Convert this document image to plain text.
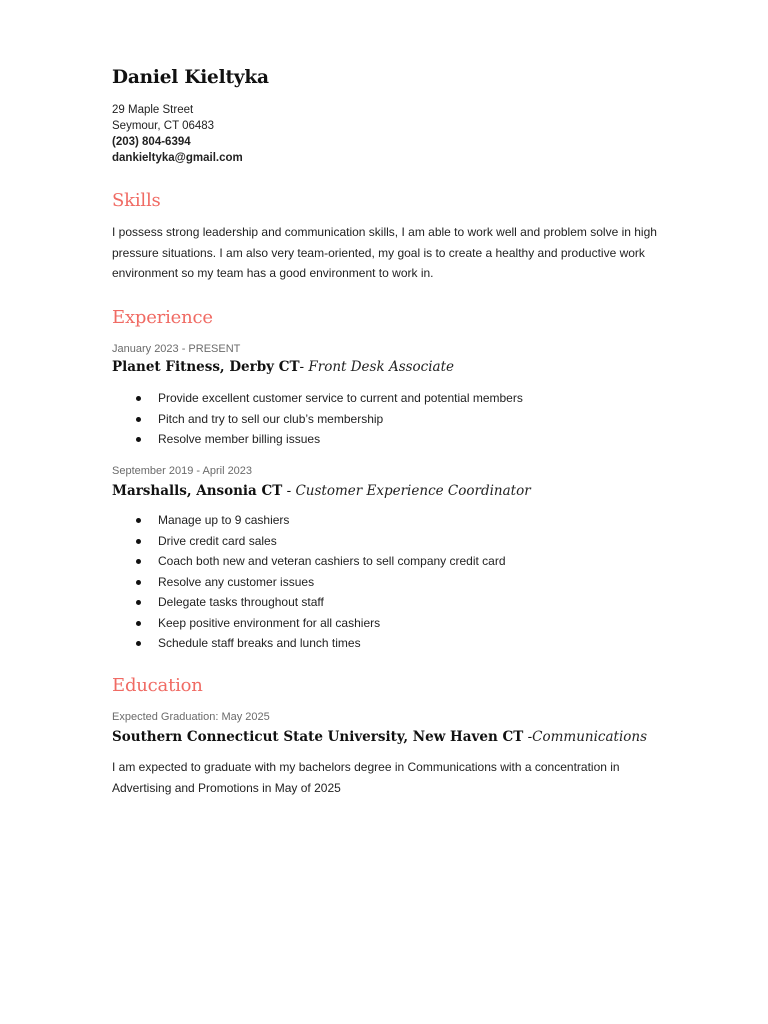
Daniel Kieltyka
29 Maple Street
Seymour, CT 06483
(203) 804-6394
dankieltyka@gmail.com
Skills
I possess strong leadership and communication skills, I am able to work well and problem solve in high pressure situations. I am also very team-oriented, my goal is to create a healthy and productive work environment so my team has a good environment to work in.
Experience
January 2023 - PRESENT
Planet Fitness, Derby CT- Front Desk Associate
Provide excellent customer service to current and potential members
Pitch and try to sell our club’s membership
Resolve member billing issues
September 2019 - April 2023
Marshalls, Ansonia CT - Customer Experience Coordinator
Manage up to 9 cashiers
Drive credit card sales
Coach both new and veteran cashiers to sell company credit card
Resolve any customer issues
Delegate tasks throughout staff
Keep positive environment for all cashiers
Schedule staff breaks and lunch times
Education
Expected Graduation: May 2025
Southern Connecticut State University, New Haven CT -Communications
I am expected to graduate with my bachelors degree in Communications with a concentration in Advertising and Promotions in May of 2025
